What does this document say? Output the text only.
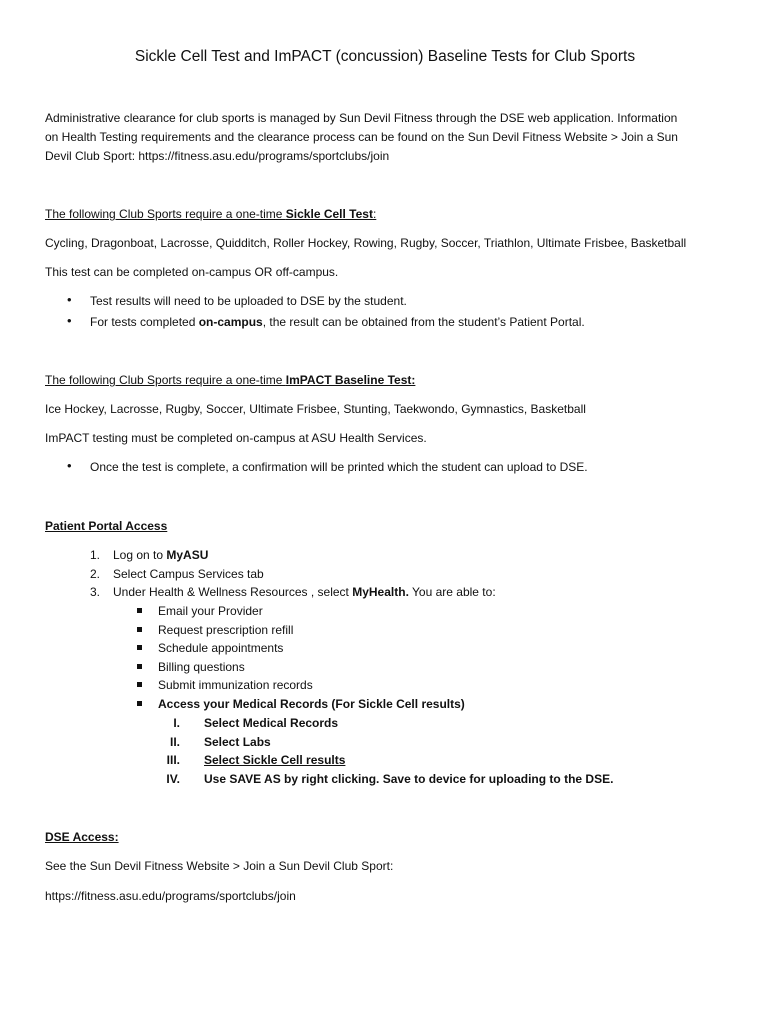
Sickle Cell Test and ImPACT (concussion) Baseline Tests for Club Sports
Administrative clearance for club sports is managed by Sun Devil Fitness through the DSE web application. Information
on Health Testing requirements and the clearance process can be found on the Sun Devil Fitness Website > Join a Sun
Devil Club Sport: https://fitness.asu.edu/programs/sportclubs/join
The following Club Sports require a one-time Sickle Cell Test:
Cycling, Dragonboat, Lacrosse, Quidditch, Roller Hockey, Rowing, Rugby, Soccer, Triathlon, Ultimate Frisbee, Basketball
This test can be completed on-campus OR off-campus.
• Test results will need to be uploaded to DSE by the student.
• For tests completed on-campus, the result can be obtained from the student’s Patient Portal.
The following Club Sports require a one-time ImPACT Baseline Test:
Ice Hockey, Lacrosse, Rugby, Soccer, Ultimate Frisbee, Stunting, Taekwondo, Gymnastics, Basketball
ImPACT testing must be completed on-campus at ASU Health Services.
• Once the test is complete, a confirmation will be printed which the student can upload to DSE.
Patient Portal Access
1. Log on to MyASU
2. Select Campus Services tab
3. Under Health & Wellness Resources , select MyHealth. You are able to:
Email your Provider
Request prescription refill
Schedule appointments
Billing questions
Submit immunization records
Access your Medical Records (For Sickle Cell results)
I. Select Medical Records
II. Select Labs
III. Select Sickle Cell results
IV. Use SAVE AS by right clicking. Save to device for uploading to the DSE.
DSE Access:
See the Sun Devil Fitness Website > Join a Sun Devil Club Sport:
https://fitness.asu.edu/programs/sportclubs/join
